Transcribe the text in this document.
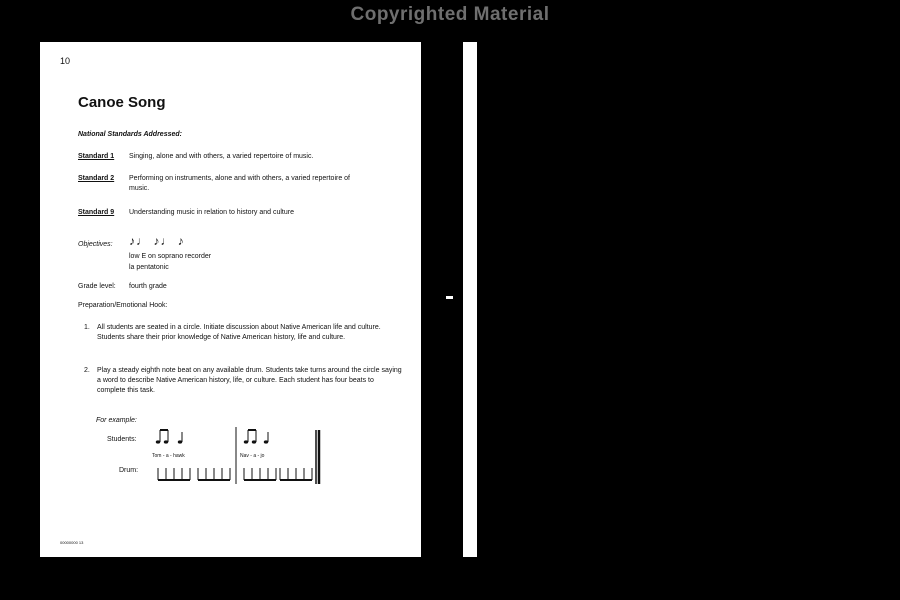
Copyrighted Material
10
Canoe Song
National Standards Addressed:
Standard 1 Singing, alone and with others, a varied repertoire of music.
Standard 2 Performing on instruments, alone and with others, a varied repertoire of music.
Standard 9 Understanding music in relation to history and culture
Objectives: ♪♩ ♪♩ ♪
low E on soprano recorder
la pentatonic
Grade level: fourth grade
Preparation/Emotional Hook:
1. All students are seated in a circle. Initiate discussion about Native American life and culture. Students share their prior knowledge of Native American history, life and culture.
2. Play a steady eighth note beat on any available drum. Students take turns around the circle saying a word to describe Native American history, life, or culture. Each student has four beats to complete this task.
For example:
Students:
Drum:
Tom - a - hawk	Nav - a - jo
00000000 13
